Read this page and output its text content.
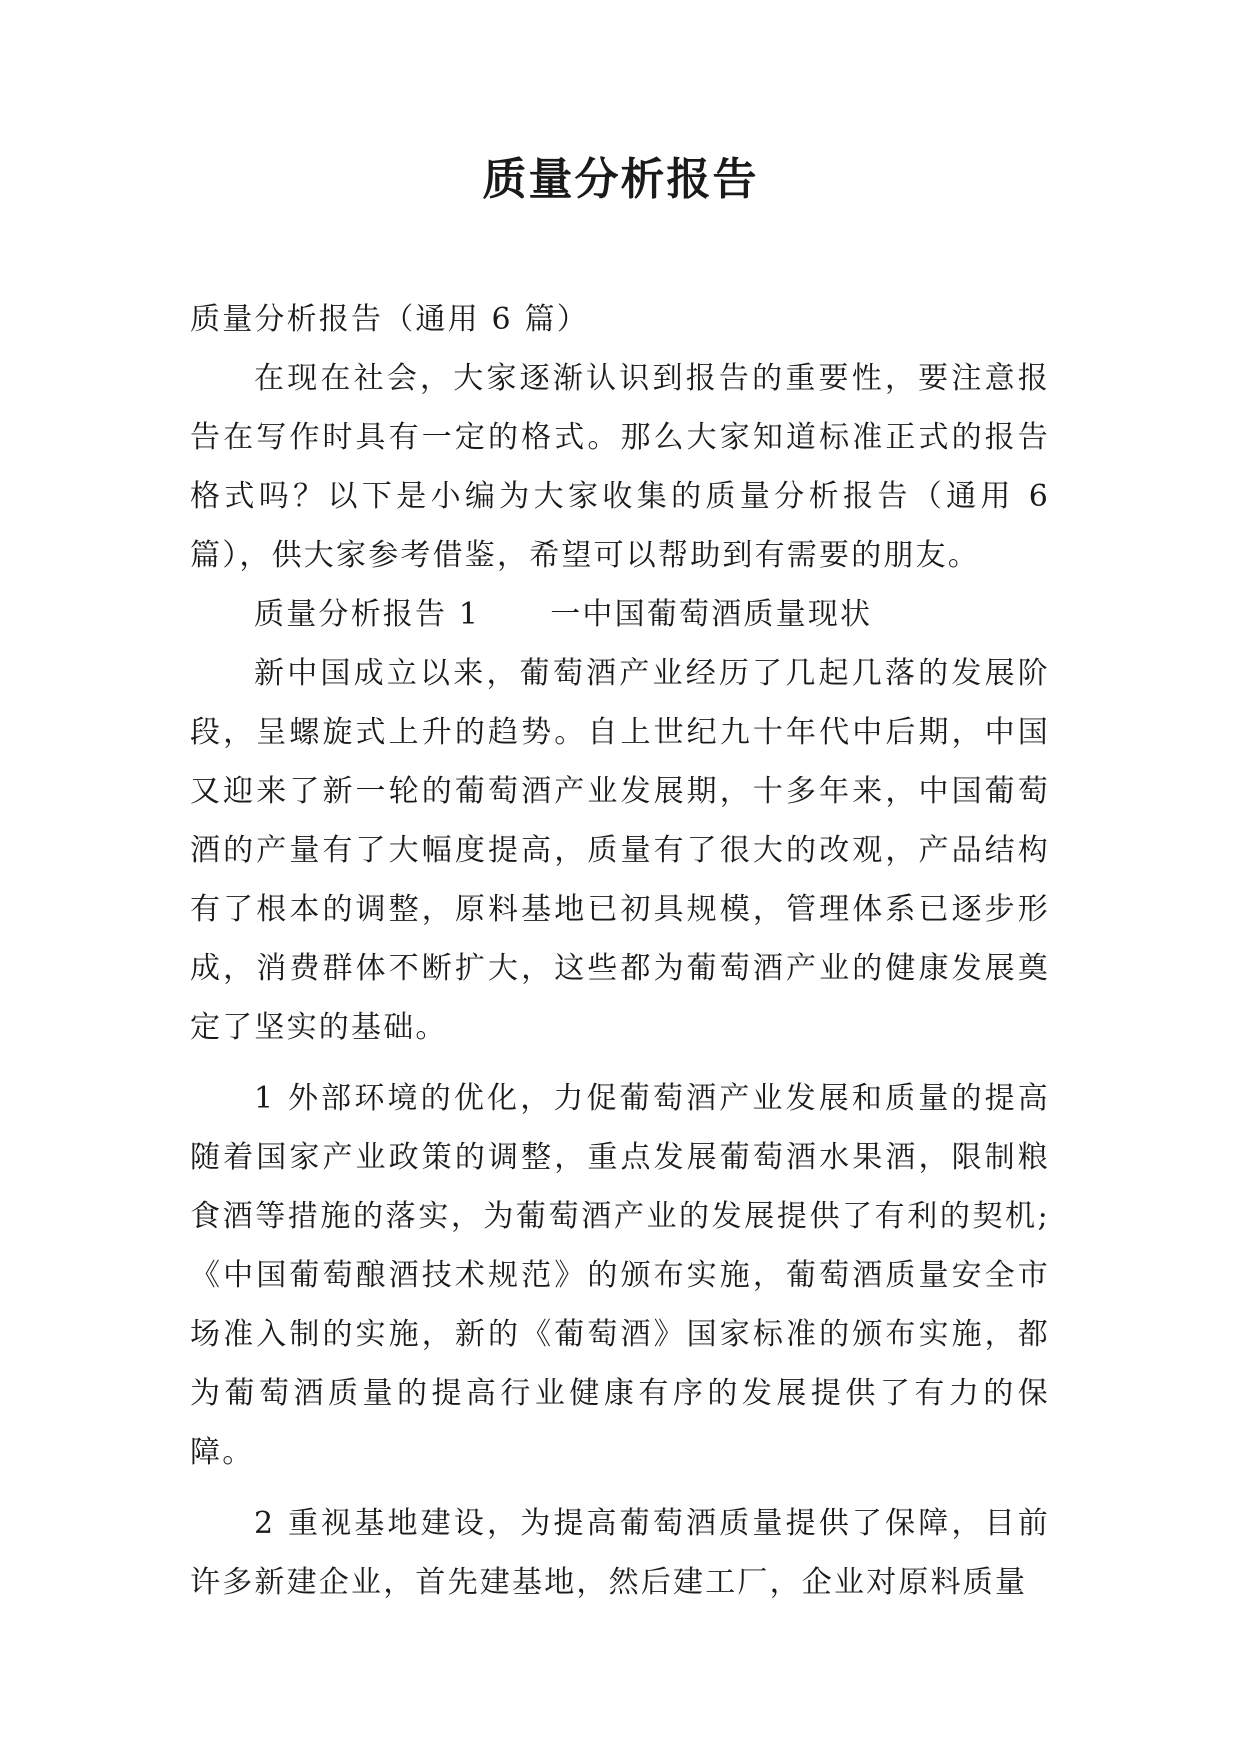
质量分析报告

质量分析报告（通用 6 篇）

在现在社会，大家逐渐认识到报告的重要性，要注意报告在写作时具有一定的格式。那么大家知道标准正式的报告格式吗？以下是小编为大家收集的质量分析报告（通用 6 篇），供大家参考借鉴，希望可以帮助到有需要的朋友。

质量分析报告 1 一中国葡萄酒质量现状

新中国成立以来，葡萄酒产业经历了几起几落的发展阶段，呈螺旋式上升的趋势。自上世纪九十年代中后期，中国又迎来了新一轮的葡萄酒产业发展期，十多年来，中国葡萄酒的产量有了大幅度提高，质量有了很大的改观，产品结构有了根本的调整，原料基地已初具规模，管理体系已逐步形成，消费群体不断扩大，这些都为葡萄酒产业的健康发展奠定了坚实的基础。

1 外部环境的优化，力促葡萄酒产业发展和质量的提高随着国家产业政策的调整，重点发展葡萄酒水果酒，限制粮食酒等措施的落实，为葡萄酒产业的发展提供了有利的契机;《中国葡萄酿酒技术规范》的颁布实施，葡萄酒质量安全市场准入制的实施，新的《葡萄酒》国家标准的颁布实施，都为葡萄酒质量的提高行业健康有序的发展提供了有力的保障。

2 重视基地建设，为提高葡萄酒质量提供了保障，目前许多新建企业，首先建基地，然后建工厂，企业对原料质量
